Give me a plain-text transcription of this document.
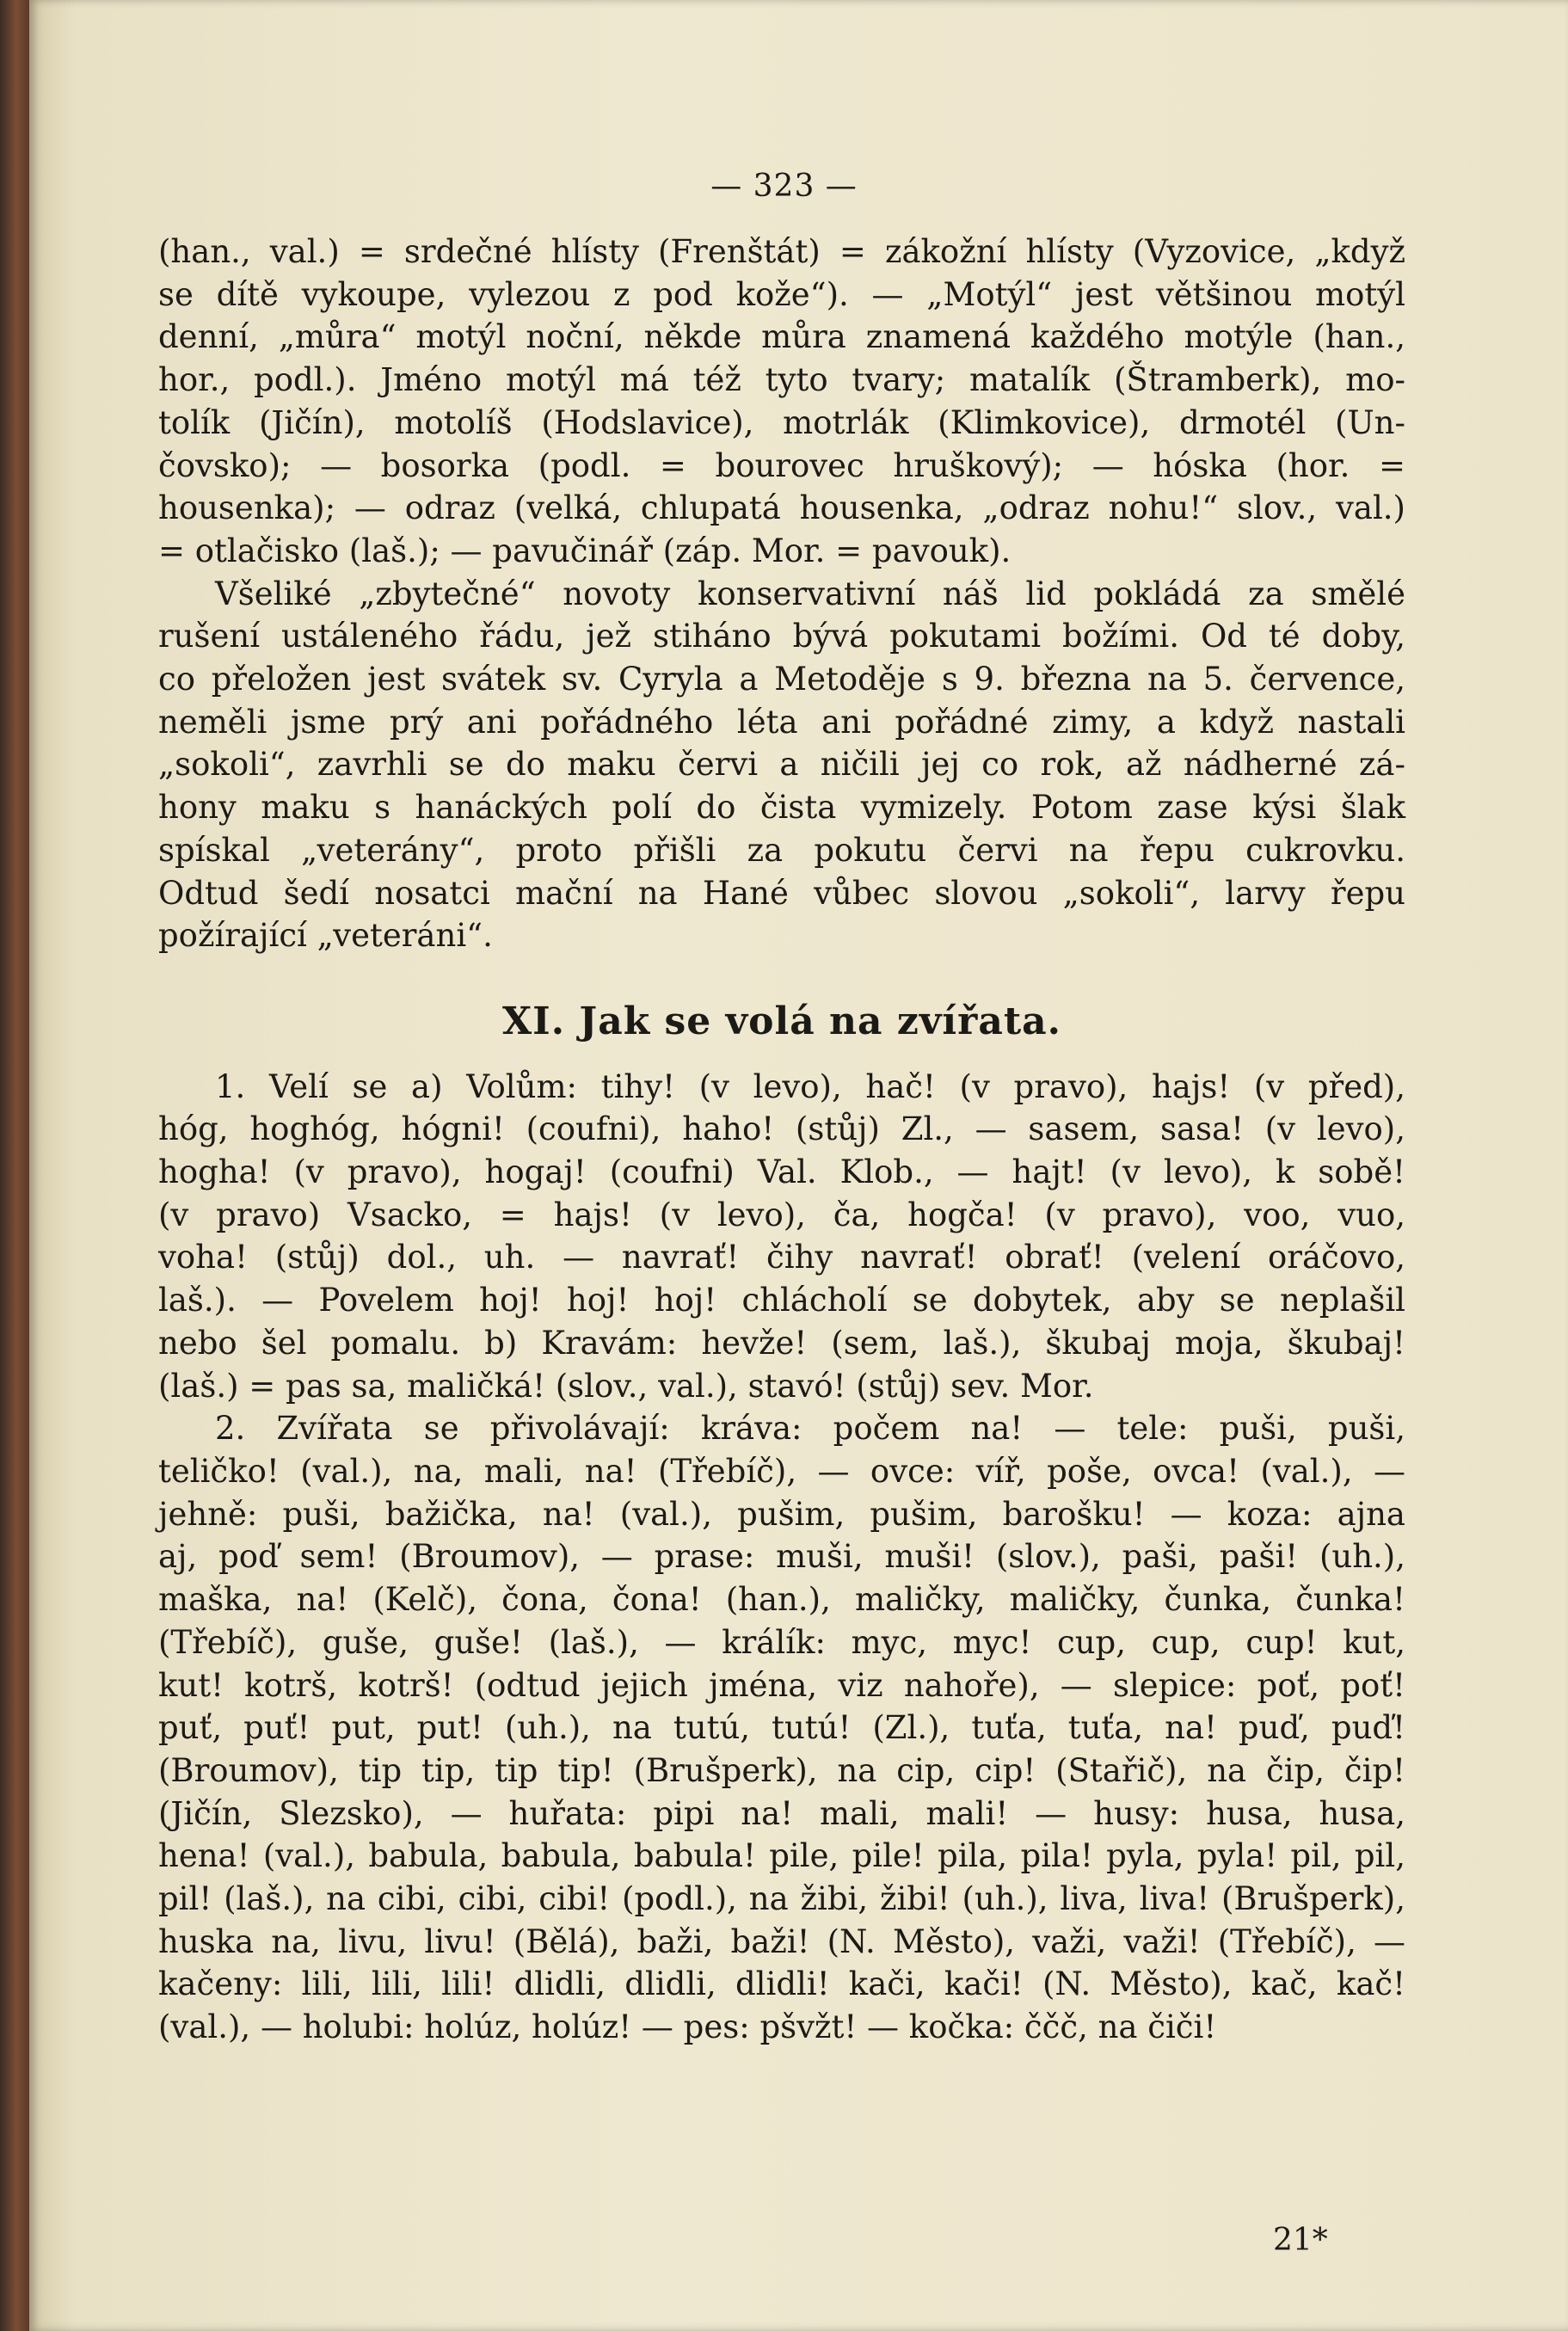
— 323 —

(han., val.) = srdečné hlísty (Frenštát) = zákožní hlísty (Vyzovice, „když

se dítě vykoupe, vylezou z pod kože“). — „Motýl“ jest většinou motýl

denní, „můra“ motýl noční, někde můra znamená každého motýle (han.,

hor., podl.). Jméno motýl má též tyto tvary; matalík (Štramberk), mo-

tolík (Jičín), motolíš (Hodslavice), motrlák (Klimkovice), drmotél (Un-

čovsko); — bosorka (podl. = bourovec hruškový); — hóska (hor. =

housenka); — odraz (velká, chlupatá housenka, „odraz nohu!“ slov., val.)

= otlačisko (laš.); — pavučinář (záp. Mor. = pavouk).

Všeliké „zbytečné“ novoty konservativní náš lid pokládá za smělé

rušení ustáleného řádu, jež stiháno bývá pokutami božími. Od té doby,

co přeložen jest svátek sv. Cyryla a Metoděje s 9. března na 5. července,

neměli jsme prý ani pořádného léta ani pořádné zimy, a když nastali

„sokoli“, zavrhli se do maku červi a ničili jej co rok, až nádherné zá-

hony maku s hanáckých polí do čista vymizely. Potom zase kýsi šlak

spískal „veterány“, proto přišli za pokutu červi na řepu cukrovku.

Odtud šedí nosatci mační na Hané vůbec slovou „sokoli“, larvy řepu

požírající „veteráni“.

XI. Jak se volá na zvířata.

1. Velí se a) Volům: tihy! (v levo), hač! (v pravo), hajs! (v před),

hóg, hoghóg, hógni! (coufni), haho! (stůj) Zl., — sasem, sasa! (v levo),

hogha! (v pravo), hogaj! (coufni) Val. Klob., — hajt! (v levo), k sobě!

(v pravo) Vsacko, = hajs! (v levo), ča, hogča! (v pravo), voo, vuo,

voha! (stůj) dol., uh. — navrať! čihy navrať! obrať! (velení oráčovo,

laš.). — Povelem hoj! hoj! hoj! chlácholí se dobytek, aby se neplašil

nebo šel pomalu. b) Kravám: hevže! (sem, laš.), škubaj moja, škubaj!

(laš.) = pas sa, maličká! (slov., val.), stavó! (stůj) sev. Mor.

2. Zvířata se přivolávají: kráva: počem na! — tele: puši, puši,

teličko! (val.), na, mali, na! (Třebíč), — ovce: víř, poše, ovca! (val.), —

jehně: puši, bažička, na! (val.), pušim, pušim, barošku! — koza: ajna

aj, poď sem! (Broumov), — prase: muši, muši! (slov.), paši, paši! (uh.),

maška, na! (Kelč), čona, čona! (han.), maličky, maličky, čunka, čunka!

(Třebíč), guše, guše! (laš.), — králík: myc, myc! cup, cup, cup! kut,

kut! kotrš, kotrš! (odtud jejich jména, viz nahoře), — slepice: poť, poť!

puť, puť! put, put! (uh.), na tutú, tutú! (Zl.), tuťa, tuťa, na! puď, puď!

(Broumov), tip tip, tip tip! (Brušperk), na cip, cip! (Stařič), na čip, čip!

(Jičín, Slezsko), — huřata: pipi na! mali, mali! — husy: husa, husa,

hena! (val.), babula, babula, babula! pile, pile! pila, pila! pyla, pyla! pil, pil,

pil! (laš.), na cibi, cibi, cibi! (podl.), na žibi, žibi! (uh.), liva, liva! (Brušperk),

huska na, livu, livu! (Bělá), baži, baži! (N. Město), važi, važi! (Třebíč), —

kačeny: lili, lili, lili! dlidli, dlidli, dlidli! kači, kači! (N. Město), kač, kač!

(val.), — holubi: holúz, holúz! — pes: pšvžt! — kočka: ččč, na čiči!

21*
